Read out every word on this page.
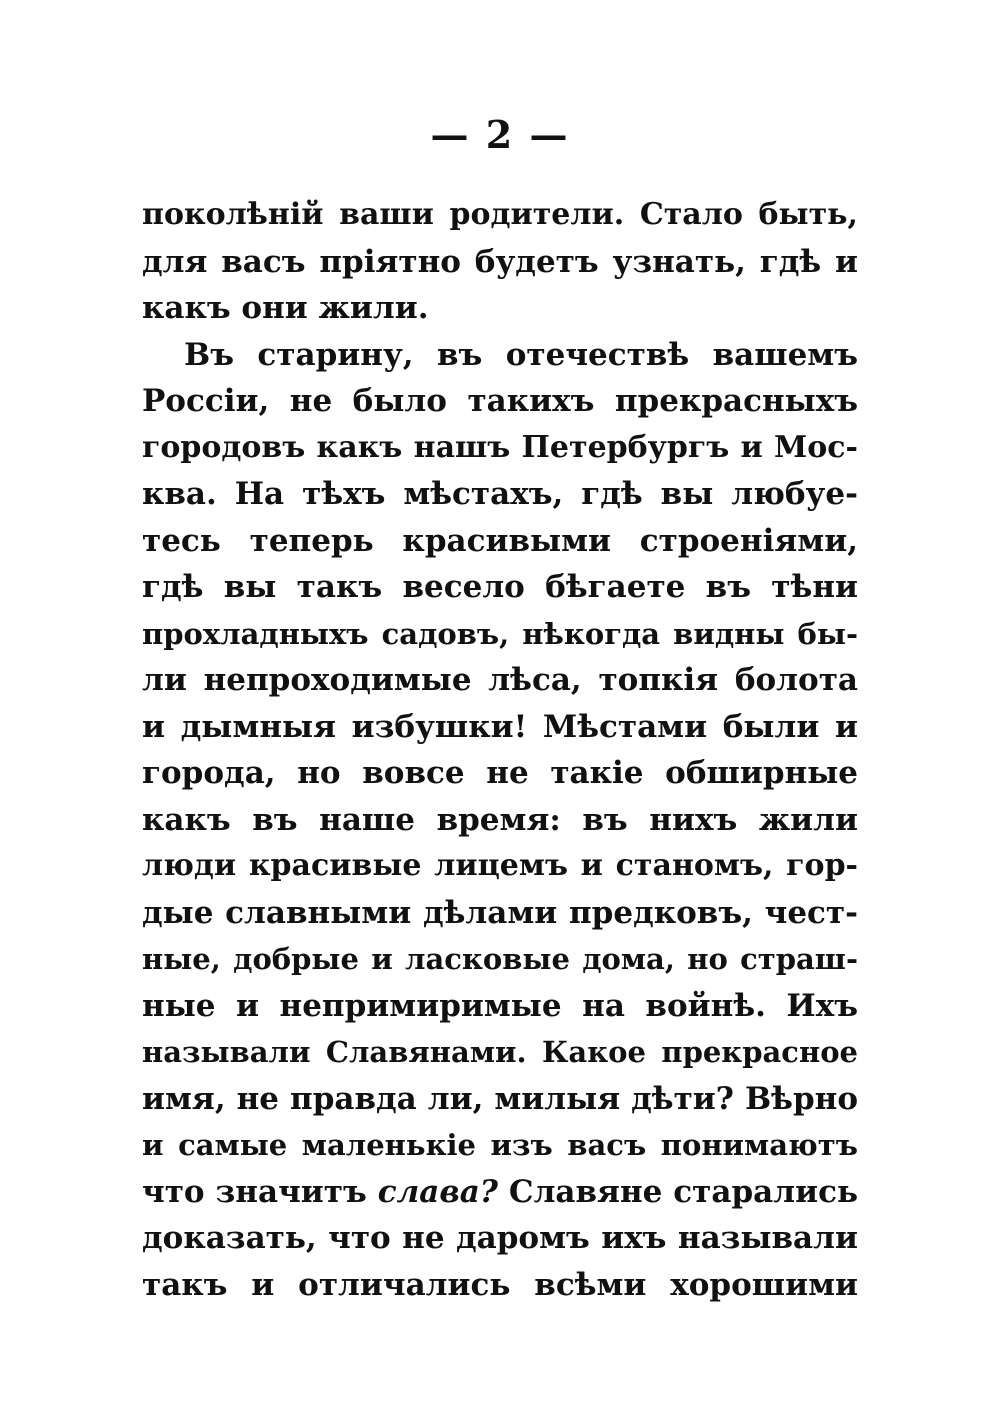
— 2 —
поколѣній ваши родители. Стало быть,
для васъ пріятно будетъ узнать, гдѣ и
какъ они жили.
Въ старину, въ отечествѣ вашемъ
Россіи, не было такихъ прекрасныхъ
городовъ какъ нашъ Петербургъ и Мос-
ква. На тѣхъ мѣстахъ, гдѣ вы любуе-
тесь теперь красивыми строеніями,
гдѣ вы такъ весело бѣгаете въ тѣни
прохладныхъ садовъ, нѣкогда видны бы-
ли непроходимые лѣса, топкія болота
и дымныя избушки! Мѣстами были и
города, но вовсе не такіе обширные
какъ въ наше время: въ нихъ жили
люди красивые лицемъ и станомъ, гор-
дые славными дѣлами предковъ, чест-
ные, добрые и ласковые дома, но страш-
ные и непримиримые на войнѣ. Ихъ
называли Славянами. Какое прекрасное
имя, не правда ли, милыя дѣти? Вѣрно
и самые маленькіе изъ васъ понимаютъ
что значитъ слава? Славяне старались
доказать, что не даромъ ихъ называли
такъ и отличались всѣми хорошими
